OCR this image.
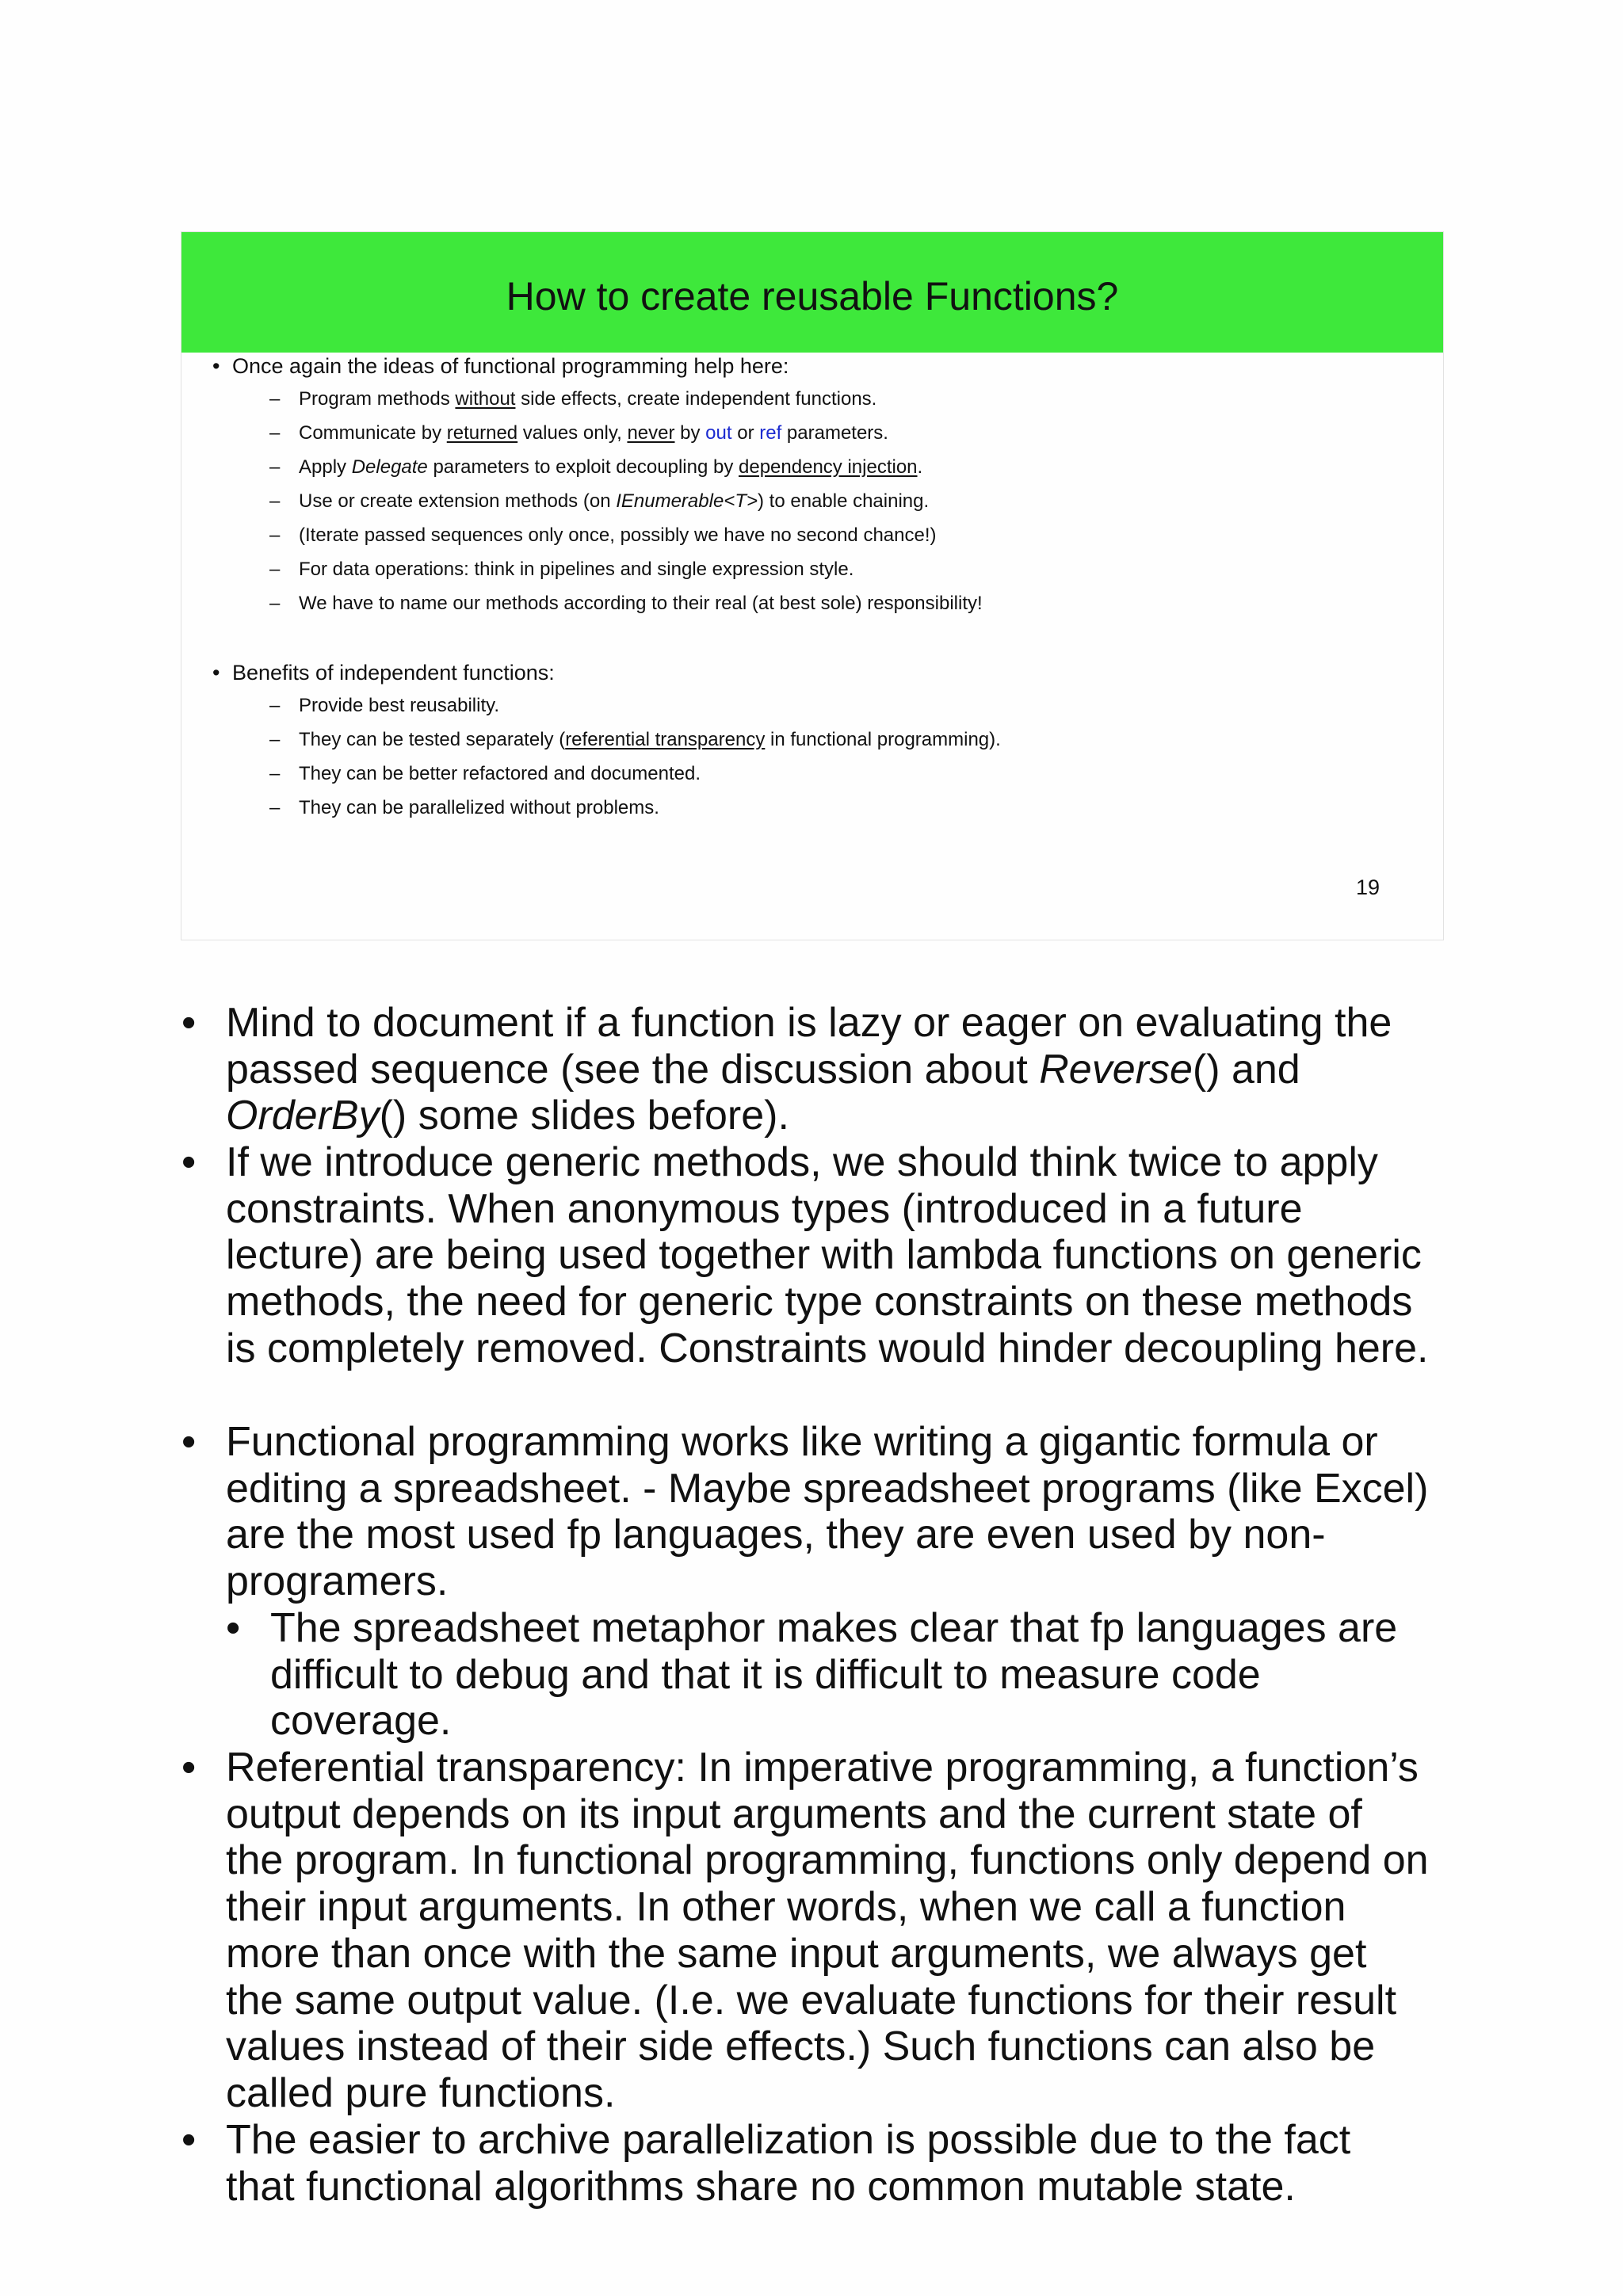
How to create reusable Functions?
• Once again the ideas of functional programming help here:
– Program methods without side effects, create independent functions.
– Communicate by returned values only, never by out or ref parameters.
– Apply Delegate parameters to exploit decoupling by dependency injection.
– Use or create extension methods (on IEnumerable<T>) to enable chaining.
– (Iterate passed sequences only once, possibly we have no second chance!)
– For data operations: think in pipelines and single expression style.
– We have to name our methods according to their real (at best sole) responsibility!
• Benefits of independent functions:
– Provide best reusability.
– They can be tested separately (referential transparency in functional programming).
– They can be better refactored and documented.
– They can be parallelized without problems.
19
• Mind to document if a function is lazy or eager on evaluating the passed sequence (see the discussion about Reverse() and OrderBy() some slides before).
• If we introduce generic methods, we should think twice to apply constraints. When anonymous types (introduced in a future lecture) are being used together with lambda functions on generic methods, the need for generic type constraints on these methods is completely removed. Constraints would hinder decoupling here.
• Functional programming works like writing a gigantic formula or editing a spreadsheet. - Maybe spreadsheet programs (like Excel) are the most used fp languages, they are even used by non-programers.
• The spreadsheet metaphor makes clear that fp languages are difficult to debug and that it is difficult to measure code coverage.
• Referential transparency: In imperative programming, a function’s output depends on its input arguments and the current state of the program. In functional programming, functions only depend on their input arguments. In other words, when we call a function more than once with the same input arguments, we always get the same output value. (I.e. we evaluate functions for their result values instead of their side effects.) Such functions can also be called pure functions.
• The easier to archive parallelization is possible due to the fact that functional algorithms share no common mutable state.
